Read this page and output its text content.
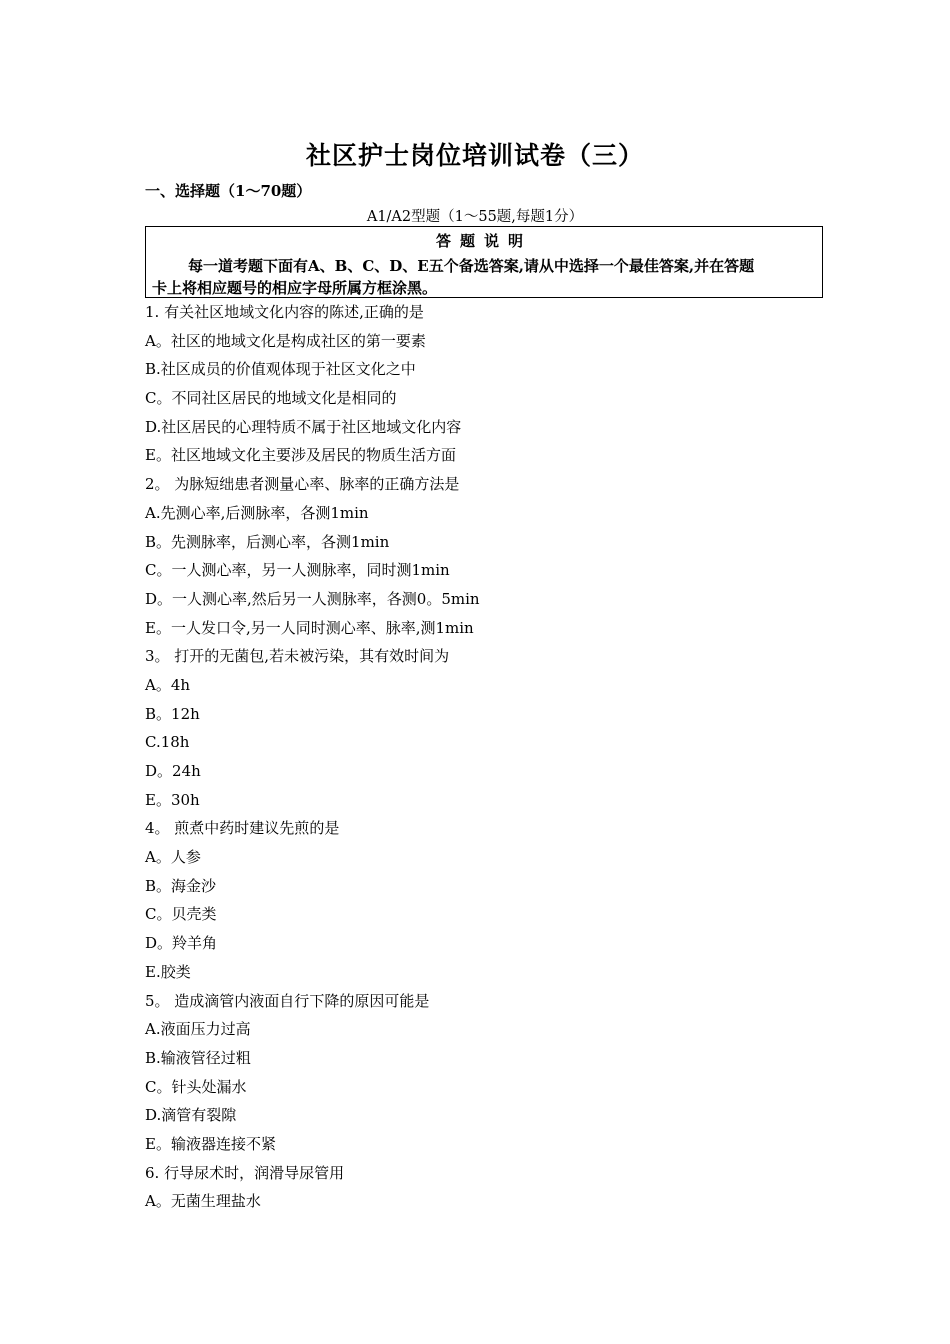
社区护士岗位培训试卷（三）
一、选择题（1～70题）
A1/A2型题（1～55题,每题1分）
答题说明
每一道考题下面有A、B、C、D、E五个备选答案,请从中选择一个最佳答案,并在答题
卡上将相应题号的相应字母所属方框涂黑。
1. 有关社区地域文化内容的陈述,正确的是
A。社区的地域文化是构成社区的第一要素
B.社区成员的价值观体现于社区文化之中
C。不同社区居民的地域文化是相同的
D.社区居民的心理特质不属于社区地域文化内容
E。社区地域文化主要涉及居民的物质生活方面
2。 为脉短绌患者测量心率、脉率的正确方法是
A.先测心率,后测脉率，各测1min
B。先测脉率，后测心率，各测1min
C。一人测心率，另一人测脉率，同时测1min
D。一人测心率,然后另一人测脉率，各测0。5min
E。一人发口令,另一人同时测心率、脉率,测1min
3。 打开的无菌包,若未被污染，其有效时间为
A。4h
B。12h
C.18h
D。24h
E。30h
4。 煎煮中药时建议先煎的是
A。人参
B。海金沙
C。贝壳类
D。羚羊角
E.胶类
5。 造成滴管内液面自行下降的原因可能是
A.液面压力过高
B.输液管径过粗
C。针头处漏水
D.滴管有裂隙
E。输液器连接不紧
6. 行导尿术时，润滑导尿管用
A。无菌生理盐水
